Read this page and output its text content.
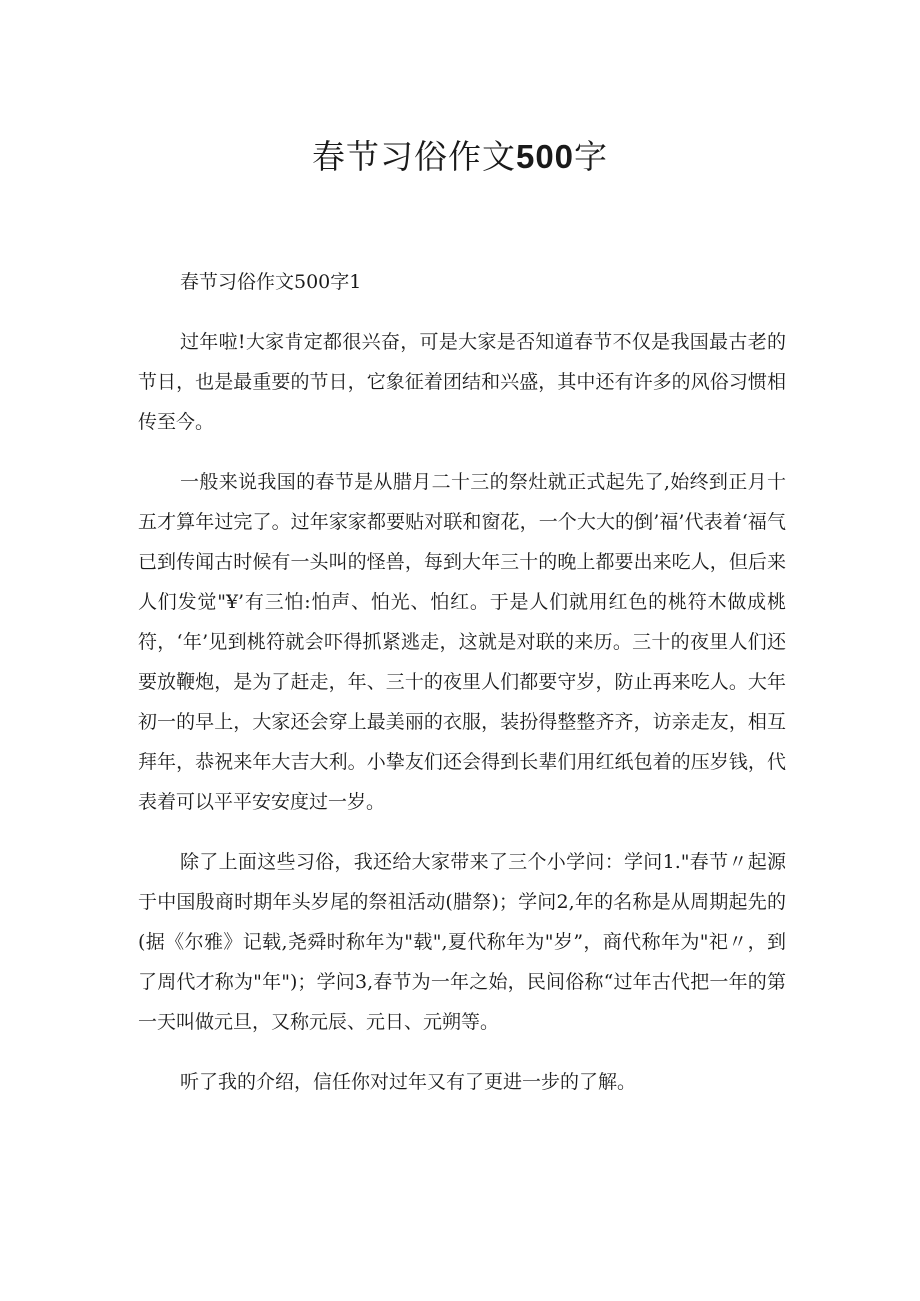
春节习俗作文500字

春节习俗作文500字1

过年啦!大家肯定都很兴奋，可是大家是否知道春节不仅是我国最古老的节日，也是最重要的节日，它象征着团结和兴盛，其中还有许多的风俗习惯相传至今。

一般来说我国的春节是从腊月二十三的祭灶就正式起先了,始终到正月十五才算年过完了。过年家家都要贴对联和窗花，一个大大的倒’福’代表着‘福气已到传闻古时候有一头叫的怪兽，每到大年三十的晚上都要出来吃人，但后来人们发觉"¥’有三怕:怕声、怕光、怕红。于是人们就用红色的桃符木做成桃符，‘年’见到桃符就会吓得抓紧逃走，这就是对联的来历。三十的夜里人们还要放鞭炮，是为了赶走，年、三十的夜里人们都要守岁，防止再来吃人。大年初一的早上，大家还会穿上最美丽的衣服，装扮得整整齐齐，访亲走友，相互拜年，恭祝来年大吉大利。小挚友们还会得到长辈们用红纸包着的压岁钱，代表着可以平平安安度过一岁。

除了上面这些习俗，我还给大家带来了三个小学问：学问1."春节〃起源于中国殷商时期年头岁尾的祭祖活动(腊祭)；学问2,年的名称是从周期起先的(据《尔雅》记载,尧舜时称年为"载",夏代称年为"岁”，商代称年为"祀〃，到了周代才称为"年")；学问3,春节为一年之始，民间俗称“过年古代把一年的第一天叫做元旦，又称元辰、元日、元朔等。

听了我的介绍，信任你对过年又有了更进一步的了解。
